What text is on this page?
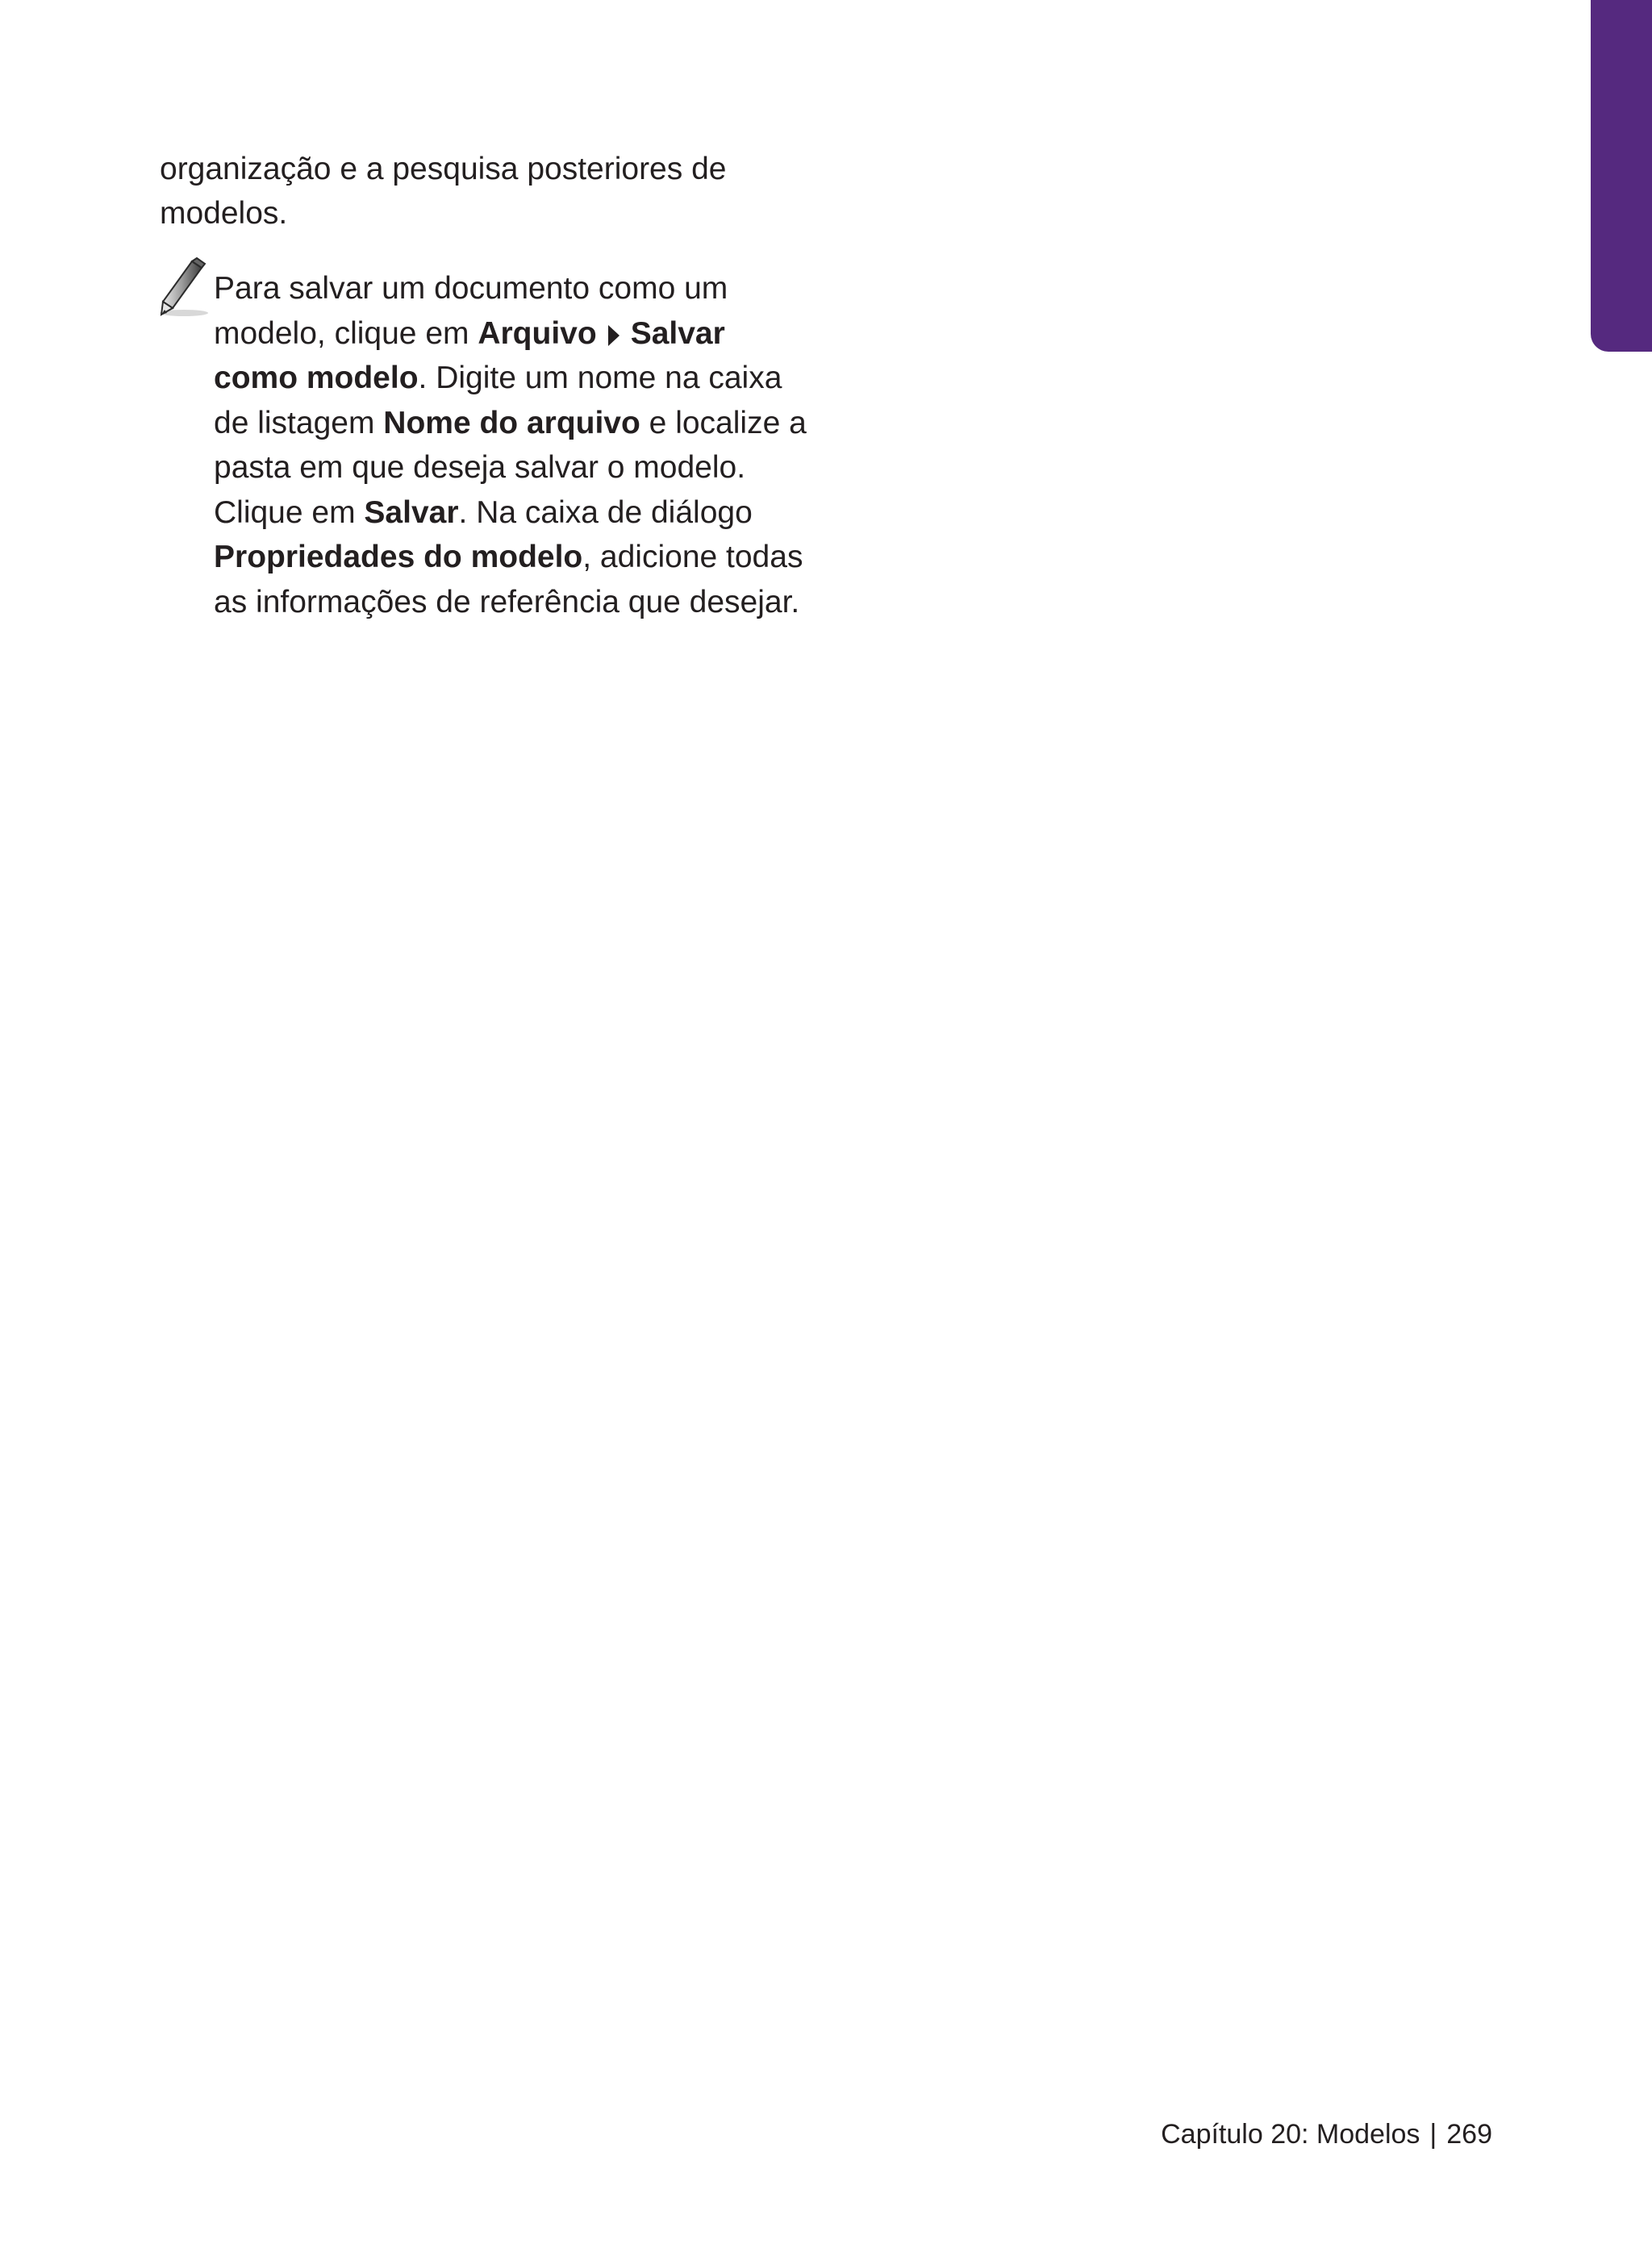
organização e a pesquisa posteriores de modelos.

Para salvar um documento como um modelo, clique em Arquivo Salvar como modelo. Digite um nome na caixa de listagem Nome do arquivo e localize a pasta em que deseja salvar o modelo. Clique em Salvar. Na caixa de diálogo Propriedades do modelo, adicione todas as informações de referência que desejar.

Capítulo 20: Modelos | 269
